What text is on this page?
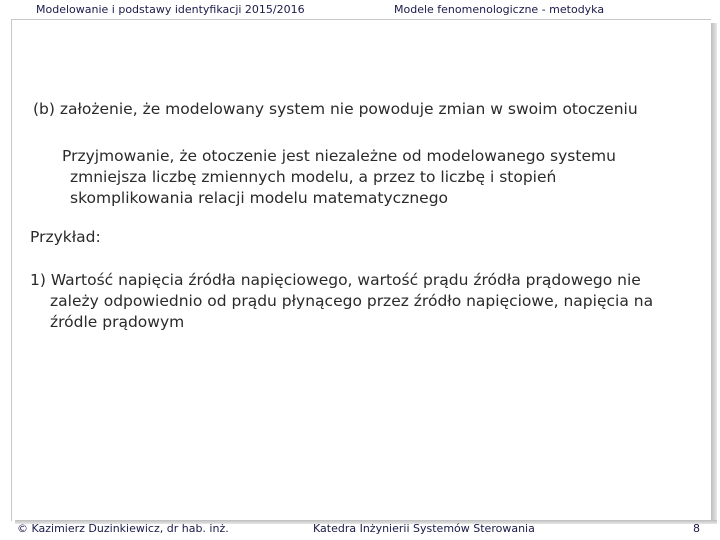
Modelowanie i podstawy identyfikacji 2015/2016	Modele fenomenologiczne - metodyka
(b) założenie, że modelowany system nie powoduje zmian w swoim otoczeniu
Przyjmowanie, że otoczenie jest niezależne od modelowanego systemu
zmniejsza liczbę zmiennych modelu, a przez to liczbę i stopień
skomplikowania relacji modelu matematycznego
Przykład:
1) Wartość napięcia źródła napięciowego, wartość prądu źródła prądowego nie
zależy odpowiednio od prądu płynącego przez źródło napięciowe, napięcia na
źródle prądowym
© Kazimierz Duzinkiewicz, dr hab. inż.	Katedra Inżynierii Systemów Sterowania	8
